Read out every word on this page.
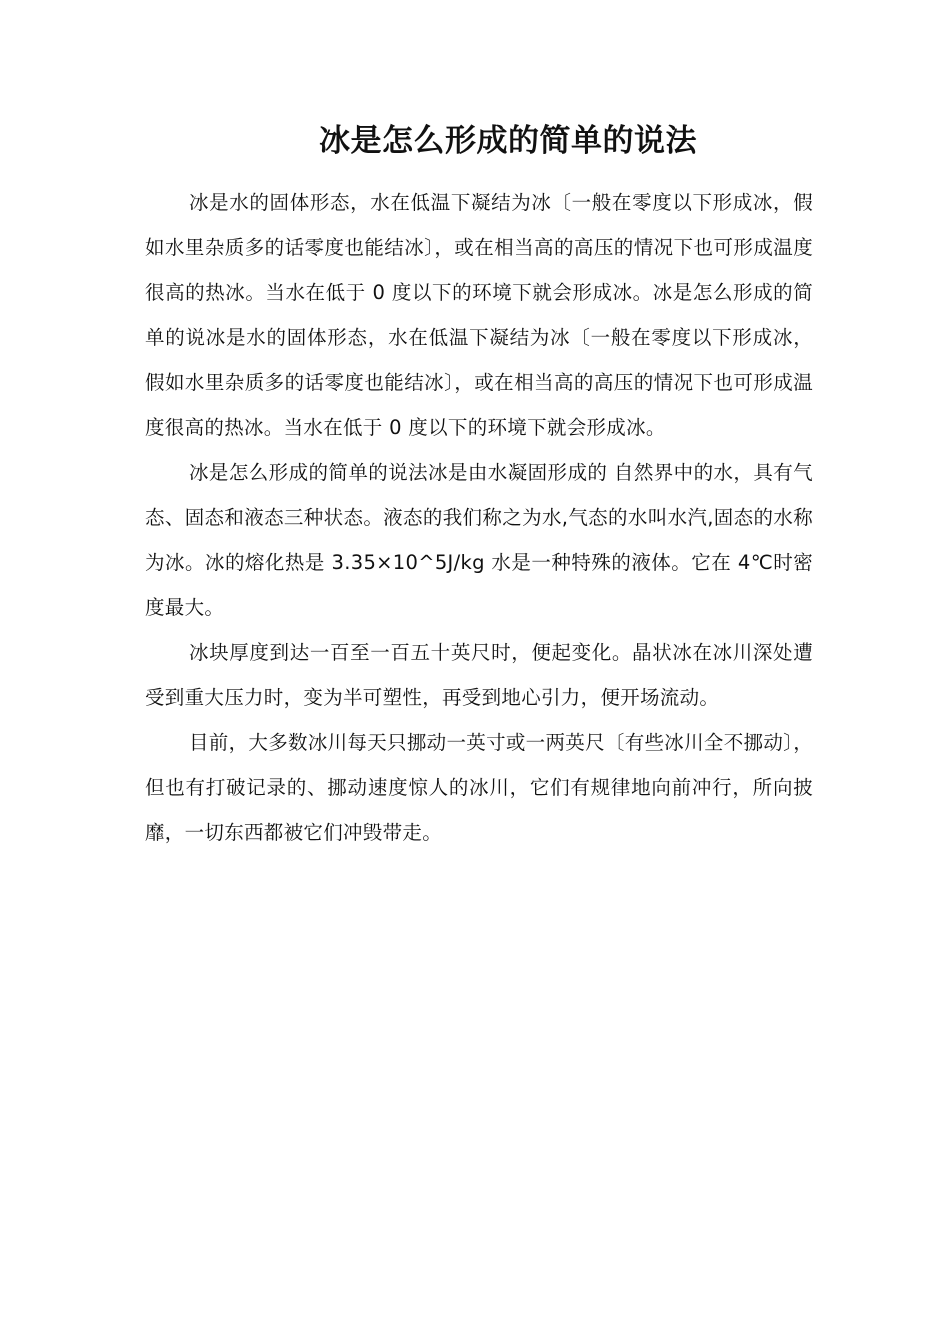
冰是怎么形成的简单的说法

冰是水的固体形态，水在低温下凝结为冰〔一般在零度以下形成冰，假如水里杂质多的话零度也能结冰〕，或在相当高的高压的情况下也可形成温度很高的热冰。当水在低于 0 度以下的环境下就会形成冰。冰是怎么形成的简单的说冰是水的固体形态，水在低温下凝结为冰〔一般在零度以下形成冰，假如水里杂质多的话零度也能结冰〕，或在相当高的高压的情况下也可形成温度很高的热冰。当水在低于 0 度以下的环境下就会形成冰。

冰是怎么形成的简单的说法冰是由水凝固形成的 自然界中的水，具有气态、固态和液态三种状态。液态的我们称之为水,气态的水叫水汽,固态的水称为冰。冰的熔化热是 3.35×10^5J/kg 水是一种特殊的液体。它在 4℃时密度最大。

冰块厚度到达一百至一百五十英尺时，便起变化。晶状冰在冰川深处遭受到重大压力时，变为半可塑性，再受到地心引力，便开场流动。

目前，大多数冰川每天只挪动一英寸或一两英尺〔有些冰川全不挪动〕，但也有打破记录的、挪动速度惊人的冰川，它们有规律地向前冲行，所向披靡，一切东西都被它们冲毁带走。
